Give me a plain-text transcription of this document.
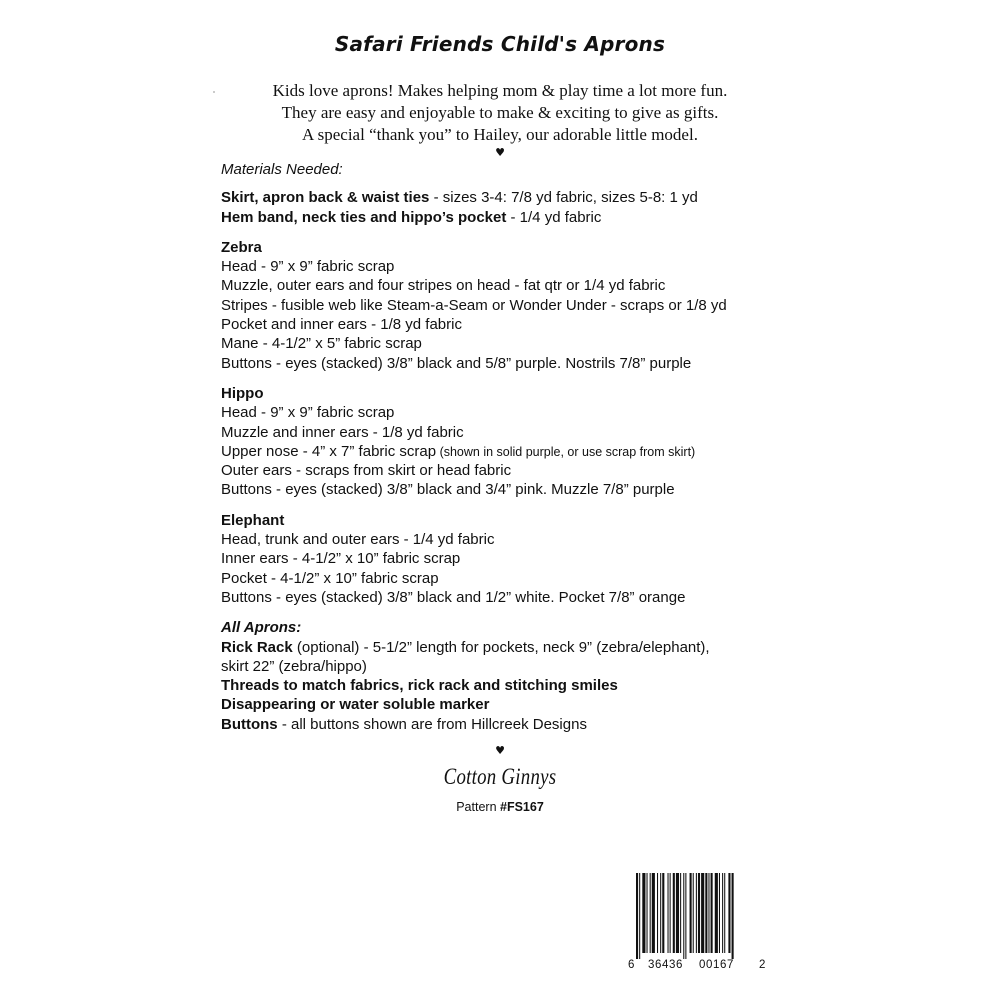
Safari Friends Child's Aprons
Kids love aprons! Makes helping mom & play time a lot more fun.
They are easy and enjoyable to make & exciting to give as gifts.
A special “thank you” to Hailey, our adorable little model.
♥
Materials Needed:
Skirt, apron back & waist ties - sizes 3-4: 7/8 yd fabric, sizes 5-8: 1 yd
Hem band, neck ties and hippo’s pocket - 1/4 yd fabric
Zebra
Head - 9” x 9” fabric scrap
Muzzle, outer ears and four stripes on head - fat qtr or 1/4 yd fabric
Stripes - fusible web like Steam-a-Seam or Wonder Under - scraps or 1/8 yd
Pocket and inner ears - 1/8 yd fabric
Mane - 4-1/2” x 5” fabric scrap
Buttons - eyes (stacked) 3/8” black and 5/8” purple. Nostrils 7/8” purple
Hippo
Head - 9” x 9” fabric scrap
Muzzle and inner ears - 1/8 yd fabric
Upper nose - 4” x 7” fabric scrap (shown in solid purple, or use scrap from skirt)
Outer ears - scraps from skirt or head fabric
Buttons - eyes (stacked) 3/8” black and 3/4” pink. Muzzle 7/8” purple
Elephant
Head, trunk and outer ears - 1/4 yd fabric
Inner ears - 4-1/2” x 10” fabric scrap
Pocket - 4-1/2” x 10” fabric scrap
Buttons - eyes (stacked) 3/8” black and 1/2” white. Pocket 7/8” orange
All Aprons:
Rick Rack (optional) - 5-1/2” length for pockets, neck 9” (zebra/elephant),
skirt 22” (zebra/hippo)
Threads to match fabrics, rick rack and stitching smiles
Disappearing or water soluble marker
Buttons - all buttons shown are from Hillcreek Designs
♥
Cotton Ginnys
Pattern #FS167
6 36436 00167 2
